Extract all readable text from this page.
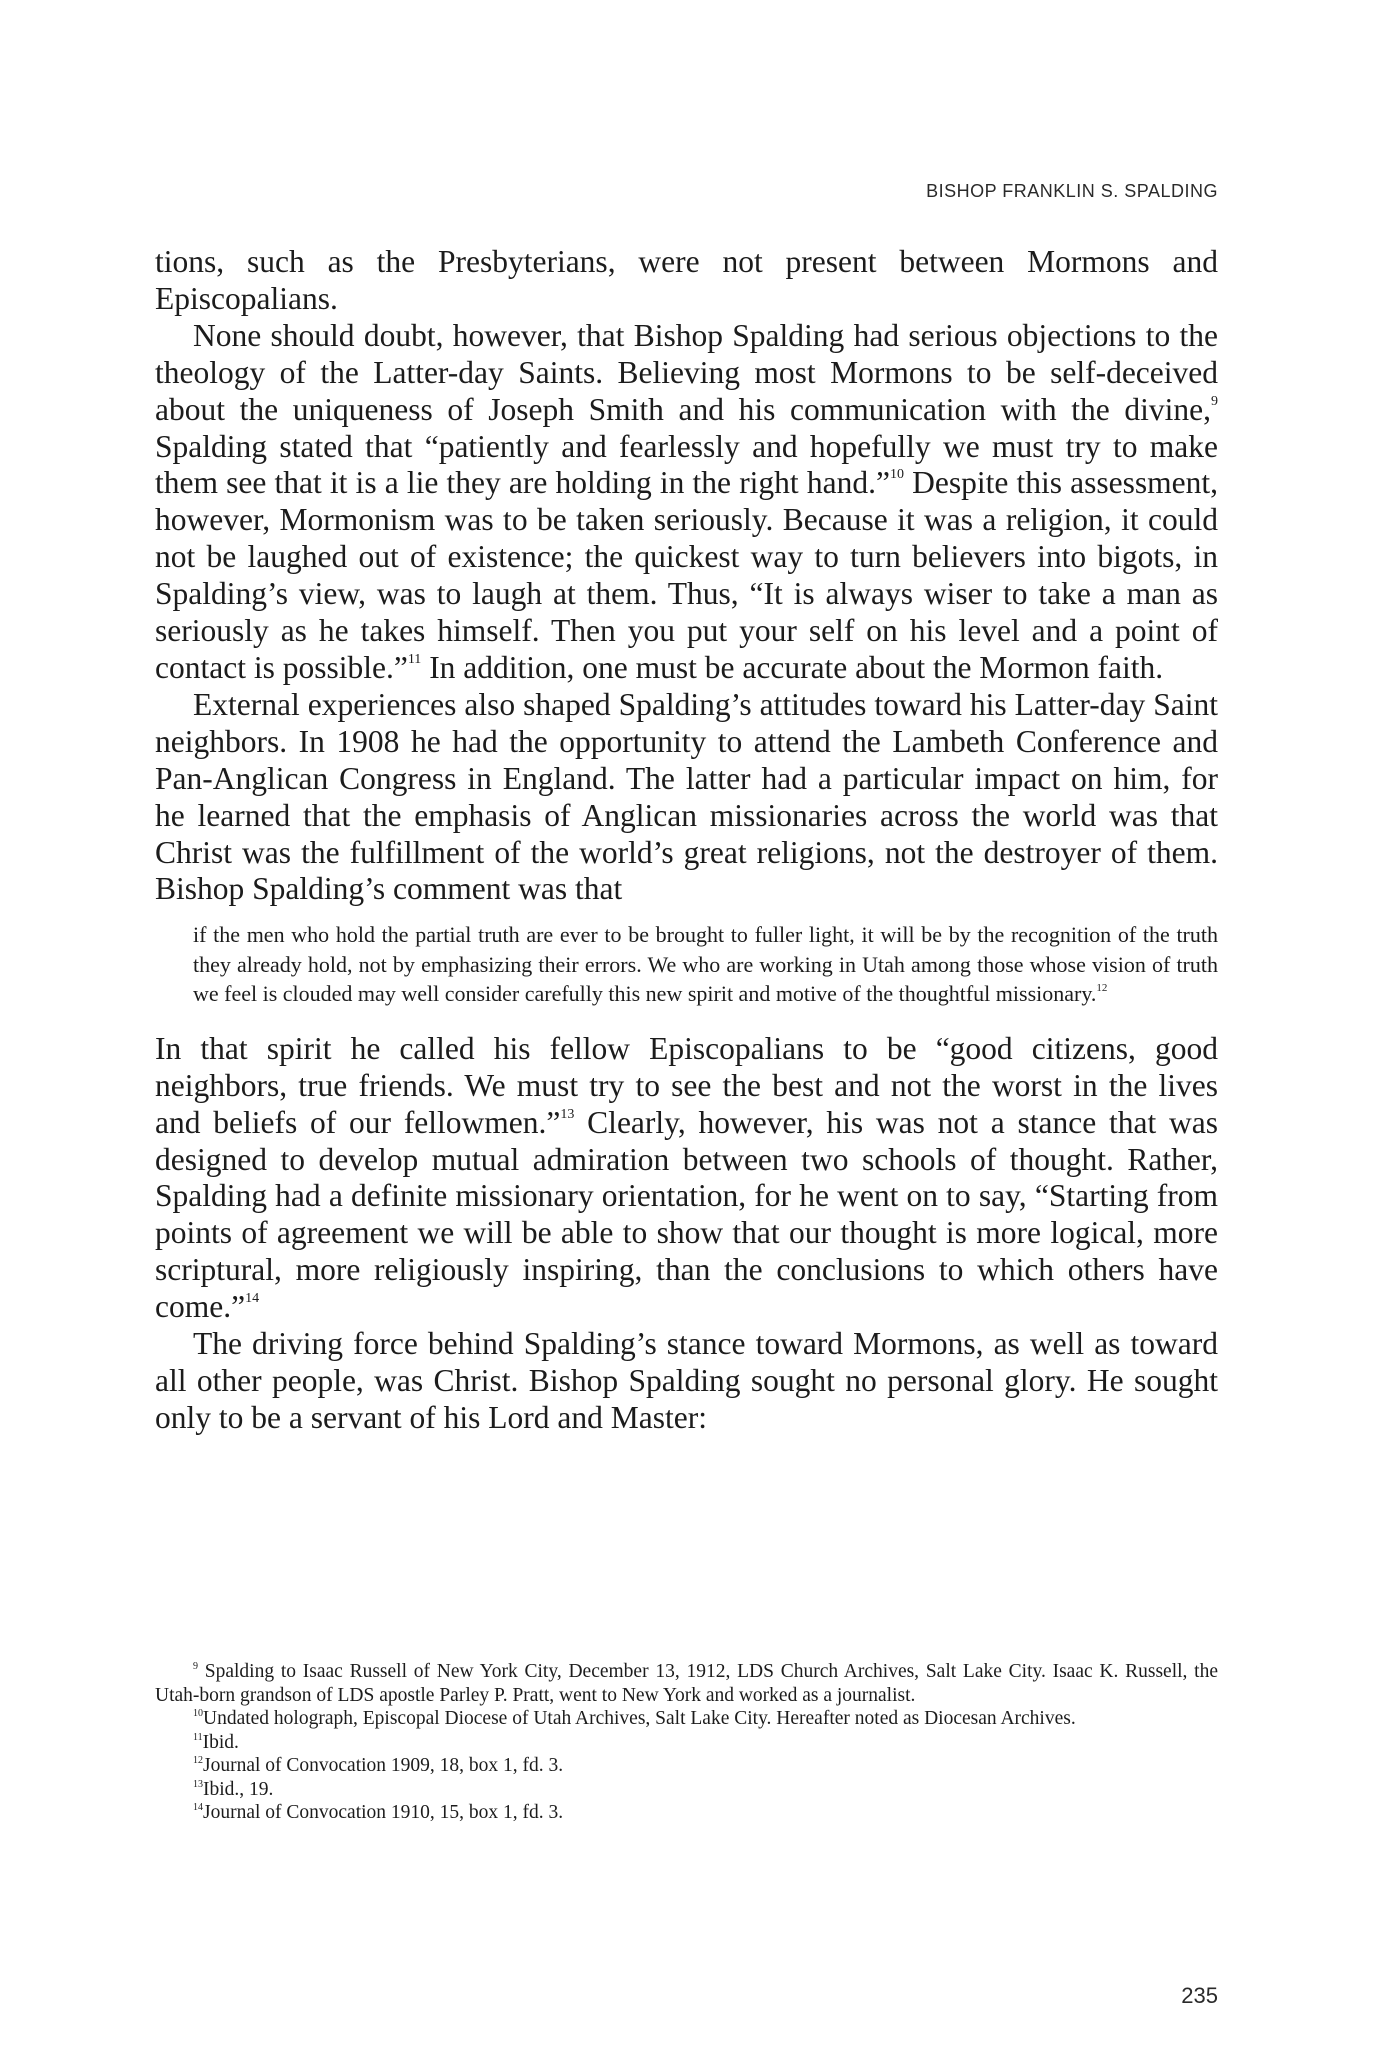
BISHOP FRANKLIN S. SPALDING

tions, such as the Presbyterians, were not present between Mormons and Episcopalians.

None should doubt, however, that Bishop Spalding had serious objections to the theology of the Latter-day Saints. Believing most Mormons to be self-deceived about the uniqueness of Joseph Smith and his communication with the divine,$^9$ Spalding stated that “patiently and fearlessly and hopefully we must try to make them see that it is a lie they are holding in the right hand.”$^{10}$ Despite this assessment, however, Mormonism was to be taken seriously. Because it was a religion, it could not be laughed out of existence; the quickest way to turn believers into bigots, in Spalding’s view, was to laugh at them. Thus, “It is always wiser to take a man as seriously as he takes himself. Then you put your self on his level and a point of contact is possible.”$^{11}$ In addition, one must be accurate about the Mormon faith.

External experiences also shaped Spalding’s attitudes toward his Latter-day Saint neighbors. In 1908 he had the opportunity to attend the Lambeth Conference and Pan-Anglican Congress in England. The latter had a particular impact on him, for he learned that the emphasis of Anglican missionaries across the world was that Christ was the fulfillment of the world’s great religions, not the destroyer of them. Bishop Spalding’s comment was that

if the men who hold the partial truth are ever to be brought to fuller light, it will be by the recognition of the truth they already hold, not by emphasizing their errors. We who are working in Utah among those whose vision of truth we feel is clouded may well consider carefully this new spirit and motive of the thoughtful missionary.$^{12}$

In that spirit he called his fellow Episcopalians to be “good citizens, good neighbors, true friends. We must try to see the best and not the worst in the lives and beliefs of our fellowmen.”$^{13}$ Clearly, however, his was not a stance that was designed to develop mutual admiration between two schools of thought. Rather, Spalding had a definite missionary orientation, for he went on to say, “Starting from points of agreement we will be able to show that our thought is more logical, more scriptural, more religiously inspiring, than the conclusions to which others have come.”$^{14}$

The driving force behind Spalding’s stance toward Mormons, as well as toward all other people, was Christ. Bishop Spalding sought no personal glory. He sought only to be a servant of his Lord and Master:

$^9$ Spalding to Isaac Russell of New York City, December 13, 1912, LDS Church Archives, Salt Lake City. Isaac K. Russell, the Utah-born grandson of LDS apostle Parley P. Pratt, went to New York and worked as a journalist.

$^{10}$Undated holograph, Episcopal Diocese of Utah Archives, Salt Lake City. Hereafter noted as Diocesan Archives.

$^{11}$Ibid.

$^{12}$Journal of Convocation 1909, 18, box 1, fd. 3.

$^{13}$Ibid., 19.

$^{14}$Journal of Convocation 1910, 15, box 1, fd. 3.

235
